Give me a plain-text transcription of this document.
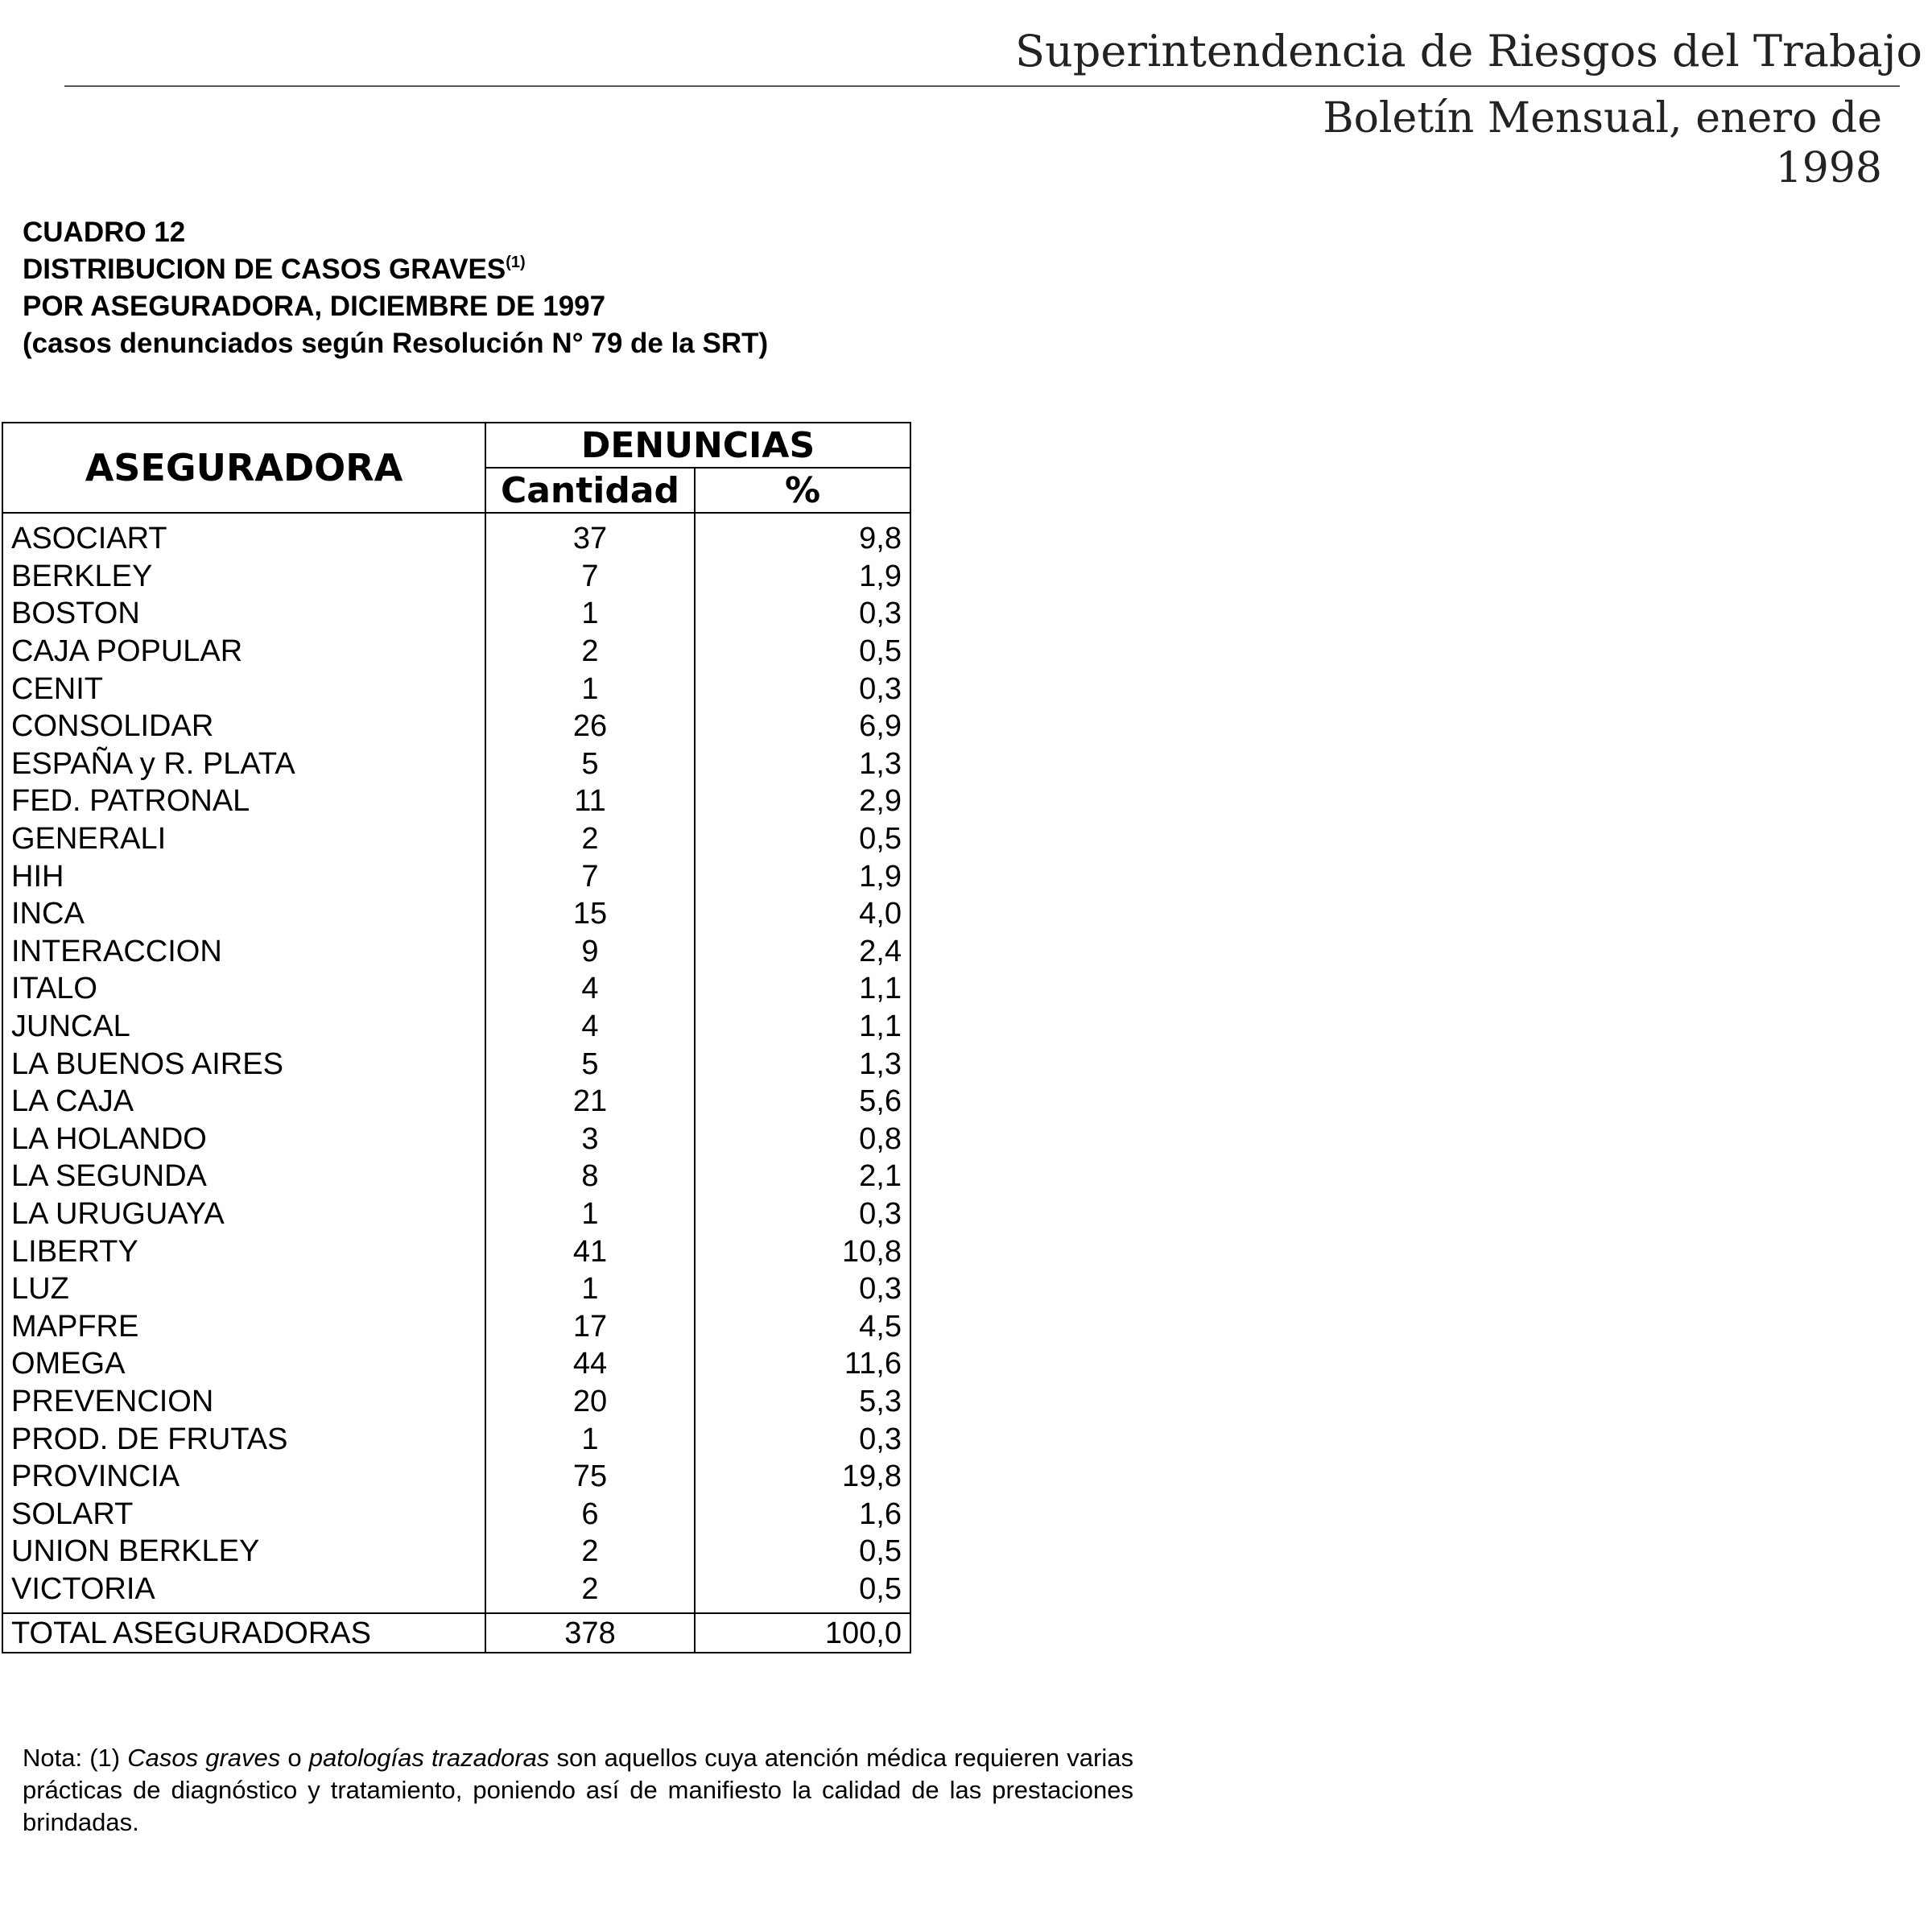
Superintendencia de Riesgos del Trabajo
Boletín Mensual, enero de 1998
CUADRO 12
DISTRIBUCION DE CASOS GRAVES$^{(1)}$
POR ASEGURADORA, DICIEMBRE DE 1997
(casos denunciados según Resolución N° 79 de la SRT)
ASEGURADORA	DENUNCIAS	
	Cantidad	%
ASOCIART	37	9,8
BERKLEY	7	1,9
BOSTON	1	0,3
CAJA POPULAR	2	0,5
CENIT	1	0,3
CONSOLIDAR	26	6,9
ESPAÑA y R. PLATA	5	1,3
FED. PATRONAL	11	2,9
GENERALI	2	0,5
HIH	7	1,9
INCA	15	4,0
INTERACCION	9	2,4
ITALO	4	1,1
JUNCAL	4	1,1
LA BUENOS AIRES	5	1,3
LA CAJA	21	5,6
LA HOLANDO	3	0,8
LA SEGUNDA	8	2,1
LA URUGUAYA	1	0,3
LIBERTY	41	10,8
LUZ	1	0,3
MAPFRE	17	4,5
OMEGA	44	11,6
PREVENCION	20	5,3
PROD. DE FRUTAS	1	0,3
PROVINCIA	75	19,8
SOLART	6	1,6
UNION BERKLEY	2	0,5
VICTORIA	2	0,5
TOTAL ASEGURADORAS	378	100,0
Nota: (1) Casos graves o patologías trazadoras son aquellos cuya atención médica requieren varias prácticas de diagnóstico y tratamiento, poniendo así de manifiesto la calidad de las prestaciones brindadas.
